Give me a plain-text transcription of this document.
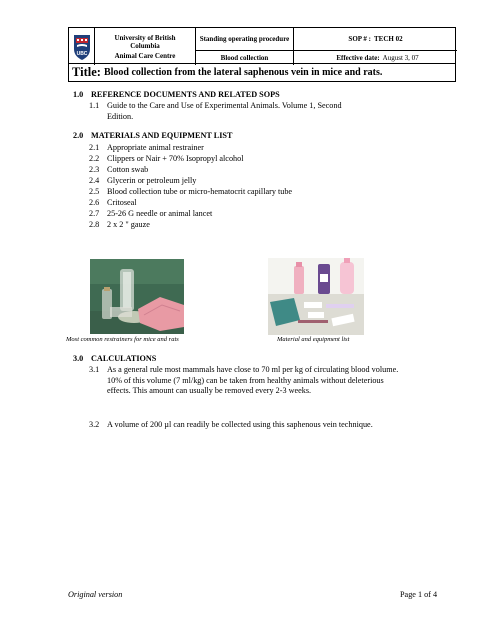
UBC
University of British
Columbia
Animal Care Centre
Standing operating procedure	SOP # : TECH 02
Blood collection	Effective date: August 3, 07
Title: Blood collection from the lateral saphenous vein in mice and rats.
1.0 REFERENCE DOCUMENTS AND RELATED SOPS
1.1 Guide to the Care and Use of Experimental Animals. Volume 1, Second
Edition.
2.0 MATERIALS AND EQUIPMENT LIST
2.1 Appropriate animal restrainer
2.2 Clippers or Nair + 70% Isopropyl alcohol
2.3 Cotton swab
2.4 Glycerin or petroleum jelly
2.5 Blood collection tube or micro-hematocrit capillary tube
2.6 Critoseal
2.7 25-26 G needle or animal lancet
2.8 2 x 2 " gauze
Most common restrainers for mice and rats	Material and equipment list
3.0 CALCULATIONS
3.1 As a general rule most mammals have close to 70 ml per kg of circulating blood volume. 10% of this volume (7 ml/kg) can be taken from healthy animals without deleterious effects. This amount can usually be removed every 2-3 weeks.
3.2 A volume of 200 µl can readily be collected using this saphenous vein technique.
Original version	Page 1 of 4
